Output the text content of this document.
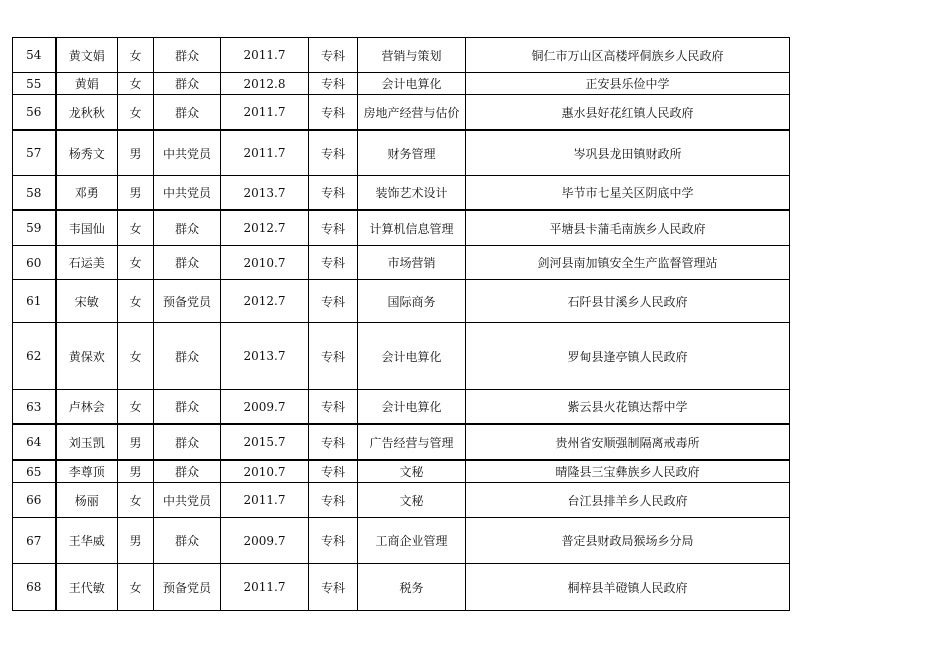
54	黄文娟	女	群众	2011.7	专科	营销与策划	铜仁市万山区高楼坪侗族乡人民政府
55	黄娟	女	群众	2012.8	专科	会计电算化	正安县乐俭中学
56	龙秋秋	女	群众	2011.7	专科	房地产经营与估价	惠水县好花红镇人民政府
57	杨秀文	男	中共党员	2011.7	专科	财务管理	岑巩县龙田镇财政所
58	邓勇	男	中共党员	2013.7	专科	装饰艺术设计	毕节市七星关区阴底中学
59	韦国仙	女	群众	2012.7	专科	计算机信息管理	平塘县卡蒲毛南族乡人民政府
60	石运美	女	群众	2010.7	专科	市场营销	剑河县南加镇安全生产监督管理站
61	宋敏	女	预备党员	2012.7	专科	国际商务	石阡县甘溪乡人民政府
62	黄保欢	女	群众	2013.7	专科	会计电算化	罗甸县逢亭镇人民政府
63	卢林会	女	群众	2009.7	专科	会计电算化	紫云县火花镇达帮中学
64	刘玉凯	男	群众	2015.7	专科	广告经营与管理	贵州省安顺强制隔离戒毒所
65	李尊顶	男	群众	2010.7	专科	文秘	晴隆县三宝彝族乡人民政府
66	杨丽	女	中共党员	2011.7	专科	文秘	台江县排羊乡人民政府
67	王华威	男	群众	2009.7	专科	工商企业管理	普定县财政局猴场乡分局
68	王代敏	女	预备党员	2011.7	专科	税务	桐梓县羊磴镇人民政府
